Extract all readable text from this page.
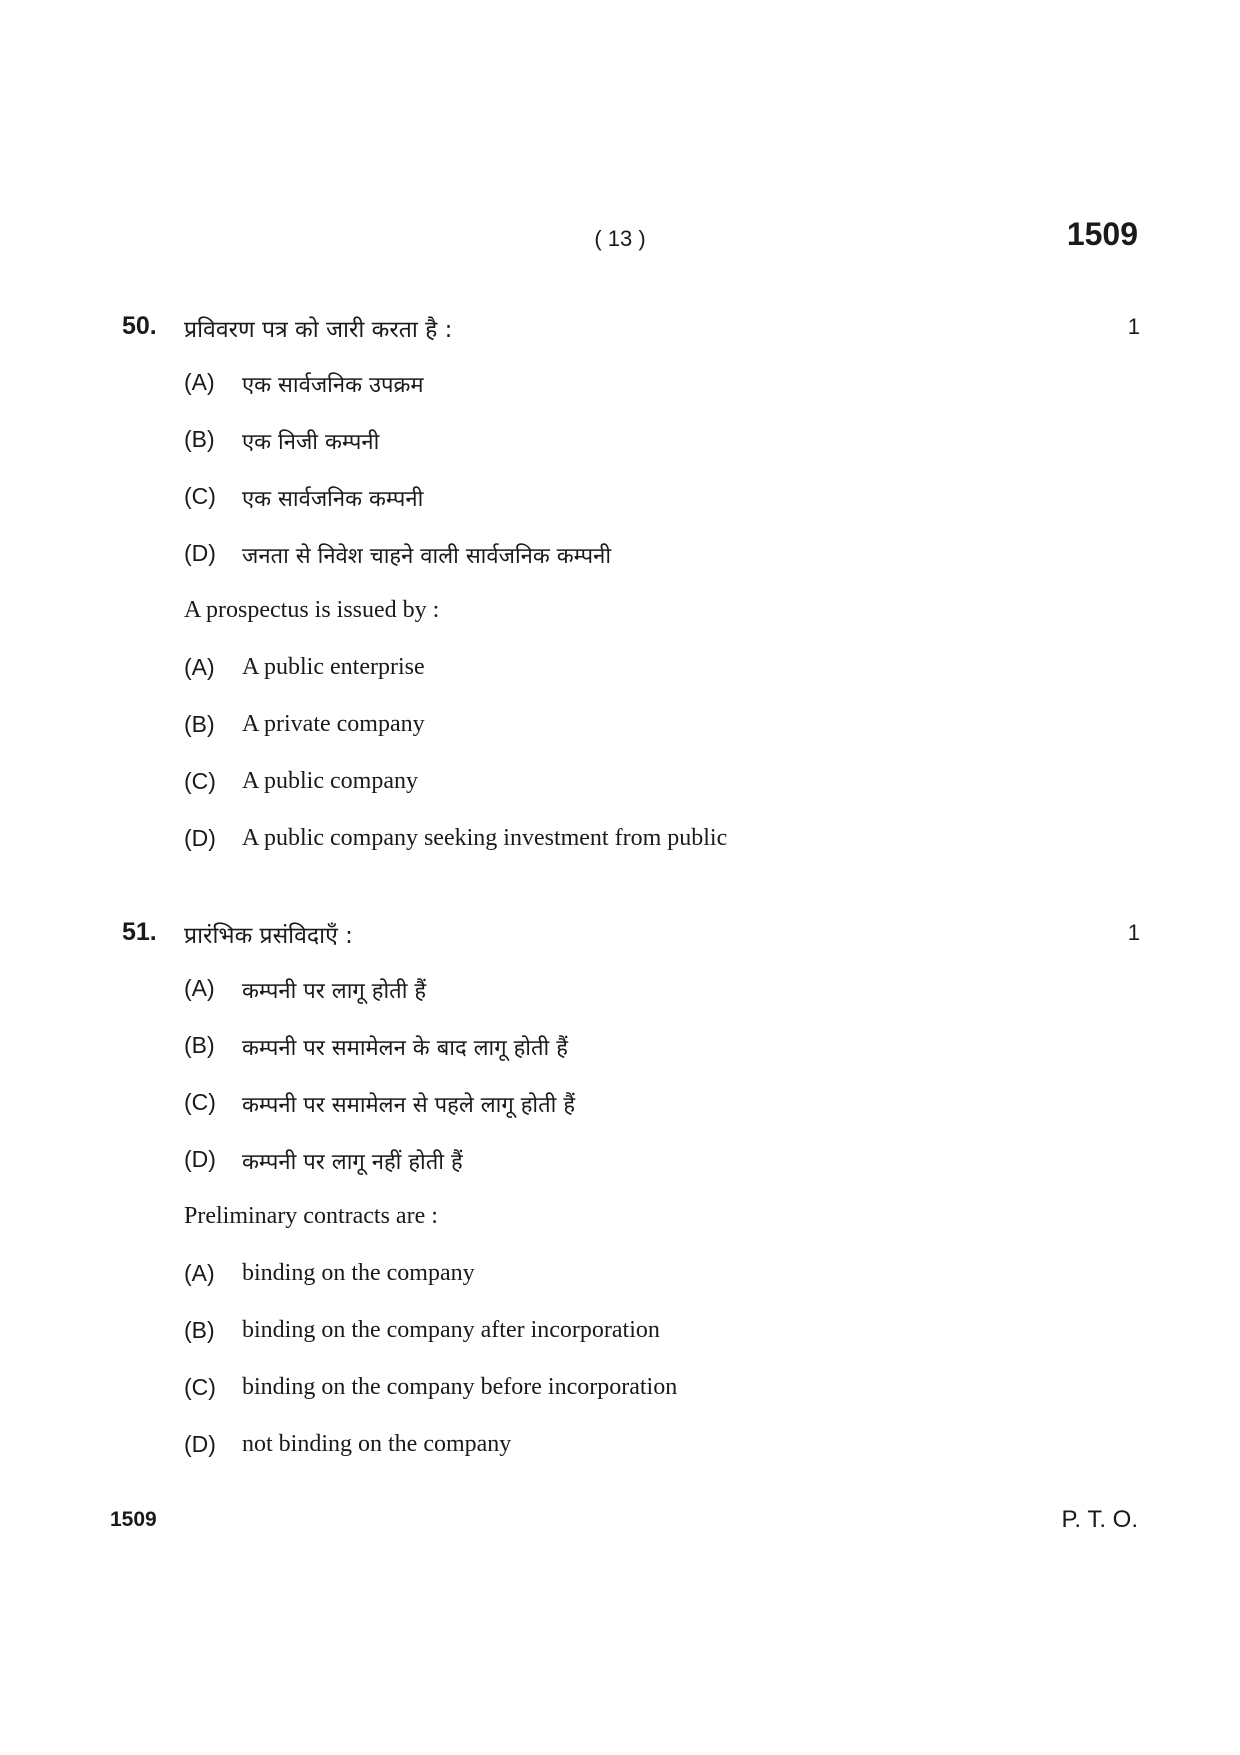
( 13 )	1509
50. प्रविवरण पत्र को जारी करता है :	1
(A) एक सार्वजनिक उपक्रम
(B) एक निजी कम्पनी
(C) एक सार्वजनिक कम्पनी
(D) जनता से निवेश चाहने वाली सार्वजनिक कम्पनी
A prospectus is issued by :
(A) A public enterprise
(B) A private company
(C) A public company
(D) A public company seeking investment from public
51. प्रारंभिक प्रसंविदाएँ :	1
(A) कम्पनी पर लागू होती हैं
(B) कम्पनी पर समामेलन के बाद लागू होती हैं
(C) कम्पनी पर समामेलन से पहले लागू होती हैं
(D) कम्पनी पर लागू नहीं होती हैं
Preliminary contracts are :
(A) binding on the company
(B) binding on the company after incorporation
(C) binding on the company before incorporation
(D) not binding on the company
1509	P. T. O.
